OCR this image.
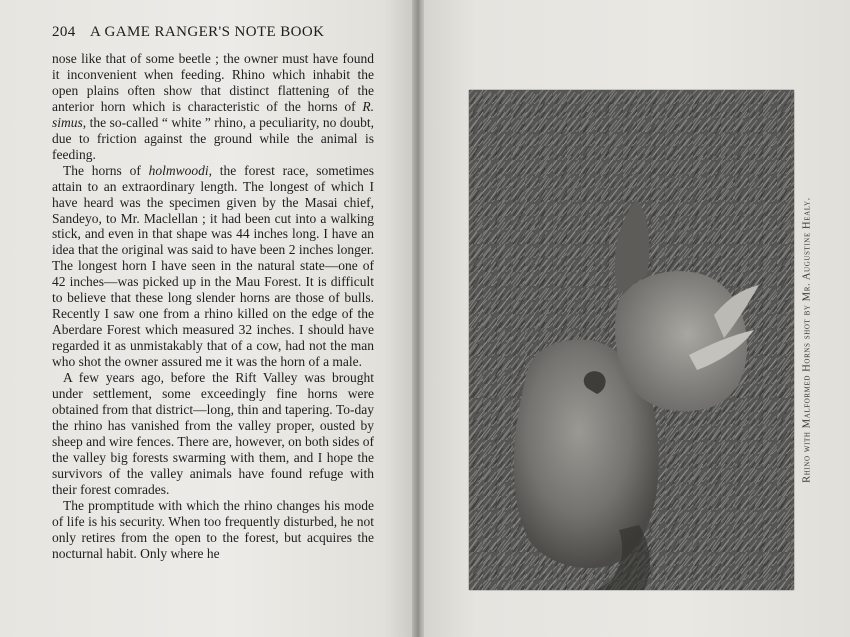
204 A GAME RANGER'S NOTE BOOK

nose like that of some beetle ; the owner must have found it inconvenient when feeding. Rhino which inhabit the open plains often show that distinct flattening of the anterior horn which is characteristic of the horns of R. simus, the so-called “ white ” rhino, a peculiarity, no doubt, due to friction against the ground while the animal is feeding.

The horns of holmwoodi, the forest race, sometimes attain to an extraordinary length. The longest of which I have heard was the specimen given by the Masai chief, Sandeyo, to Mr. Maclellan ; it had been cut into a walking stick, and even in that shape was 44 inches long. I have an idea that the original was said to have been 2 inches longer. The longest horn I have seen in the natural state—one of 42 inches—was picked up in the Mau Forest. It is difficult to believe that these long slender horns are those of bulls. Recently I saw one from a rhino killed on the edge of the Aberdare Forest which measured 32 inches. I should have regarded it as unmistakably that of a cow, had not the man who shot the owner assured me it was the horn of a male.

A few years ago, before the Rift Valley was brought under settlement, some exceedingly fine horns were obtained from that district—long, thin and tapering. To-day the rhino has vanished from the valley proper, ousted by sheep and wire fences. There are, however, on both sides of the valley big forests swarming with them, and I hope the survivors of the valley animals have found refuge with their forest comrades.

The promptitude with which the rhino changes his mode of life is his security. When too frequently disturbed, he not only retires from the open to the forest, but acquires the nocturnal habit. Only where he

Rhino with Malformed Horns shot by Mr. Augustine Healy.
